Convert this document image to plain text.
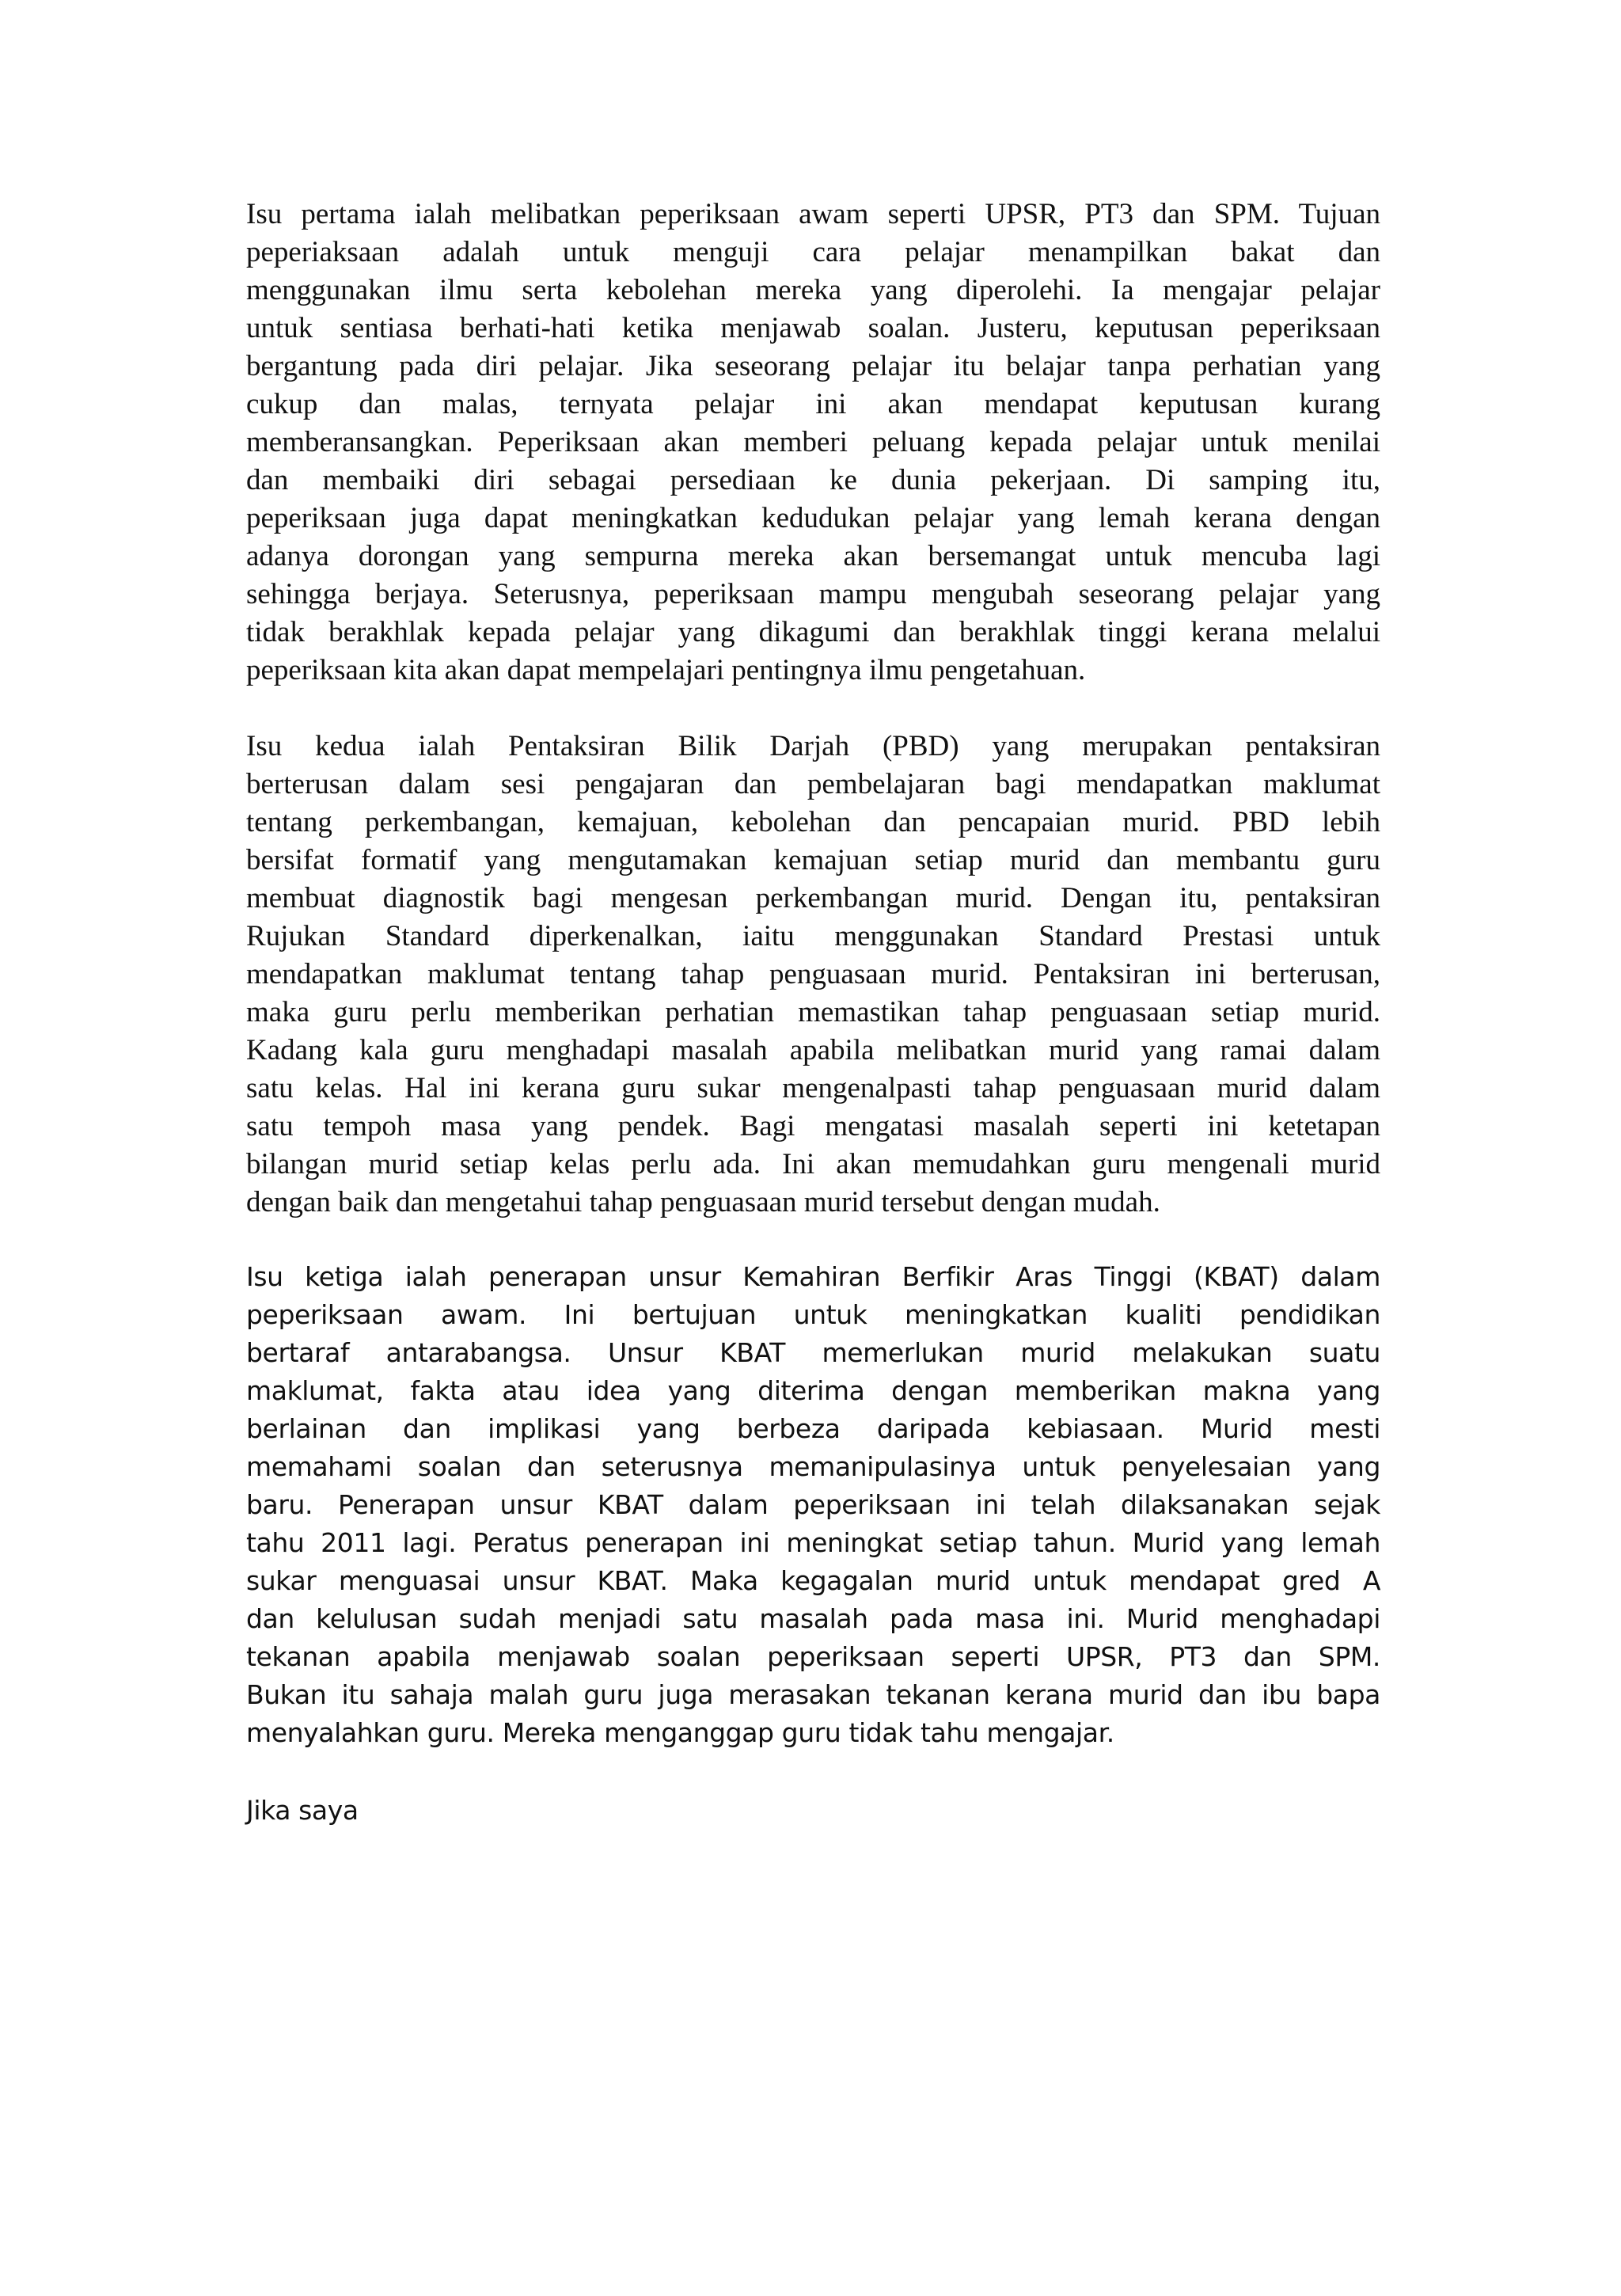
Isu pertama ialah melibatkan peperiksaan awam seperti UPSR, PT3 dan SPM. Tujuan
peperiaksaan adalah untuk menguji cara pelajar menampilkan bakat dan
menggunakan ilmu serta kebolehan mereka yang diperolehi. Ia mengajar pelajar
untuk sentiasa berhati-hati ketika menjawab soalan. Justeru, keputusan peperiksaan
bergantung pada diri pelajar. Jika seseorang pelajar itu belajar tanpa perhatian yang
cukup dan malas, ternyata pelajar ini akan mendapat keputusan kurang
memberansangkan. Peperiksaan akan memberi peluang kepada pelajar untuk menilai
dan membaiki diri sebagai persediaan ke dunia pekerjaan. Di samping itu,
peperiksaan juga dapat meningkatkan kedudukan pelajar yang lemah kerana dengan
adanya dorongan yang sempurna mereka akan bersemangat untuk mencuba lagi
sehingga berjaya. Seterusnya, peperiksaan mampu mengubah seseorang pelajar yang
tidak berakhlak kepada pelajar yang dikagumi dan berakhlak tinggi kerana melalui
peperiksaan kita akan dapat mempelajari pentingnya ilmu pengetahuan.
Isu kedua ialah Pentaksiran Bilik Darjah (PBD) yang merupakan pentaksiran
berterusan dalam sesi pengajaran dan pembelajaran bagi mendapatkan maklumat
tentang perkembangan, kemajuan, kebolehan dan pencapaian murid. PBD lebih
bersifat formatif yang mengutamakan kemajuan setiap murid dan membantu guru
membuat diagnostik bagi mengesan perkembangan murid. Dengan itu, pentaksiran
Rujukan Standard diperkenalkan, iaitu menggunakan Standard Prestasi untuk
mendapatkan maklumat tentang tahap penguasaan murid. Pentaksiran ini berterusan,
maka guru perlu memberikan perhatian memastikan tahap penguasaan setiap murid.
Kadang kala guru menghadapi masalah apabila melibatkan murid yang ramai dalam
satu kelas. Hal ini kerana guru sukar mengenalpasti tahap penguasaan murid dalam
satu tempoh masa yang pendek. Bagi mengatasi masalah seperti ini ketetapan
bilangan murid setiap kelas perlu ada. Ini akan memudahkan guru mengenali murid
dengan baik dan mengetahui tahap penguasaan murid tersebut dengan mudah.
Isu ketiga ialah penerapan unsur Kemahiran Berfikir Aras Tinggi (KBAT) dalam
peperiksaan awam. Ini bertujuan untuk meningkatkan kualiti pendidikan
bertaraf antarabangsa. Unsur KBAT memerlukan murid melakukan suatu
maklumat, fakta atau idea yang diterima dengan memberikan makna yang
berlainan dan implikasi yang berbeza daripada kebiasaan. Murid mesti
memahami soalan dan seterusnya memanipulasinya untuk penyelesaian yang
baru. Penerapan unsur KBAT dalam peperiksaan ini telah dilaksanakan sejak
tahu 2011 lagi. Peratus penerapan ini meningkat setiap tahun. Murid yang lemah
sukar menguasai unsur KBAT. Maka kegagalan murid untuk mendapat gred A
dan kelulusan sudah menjadi satu masalah pada masa ini. Murid menghadapi
tekanan apabila menjawab soalan peperiksaan seperti UPSR, PT3 dan SPM.
Bukan itu sahaja malah guru juga merasakan tekanan kerana murid dan ibu bapa
menyalahkan guru. Mereka menganggap guru tidak tahu mengajar.
Jika saya
